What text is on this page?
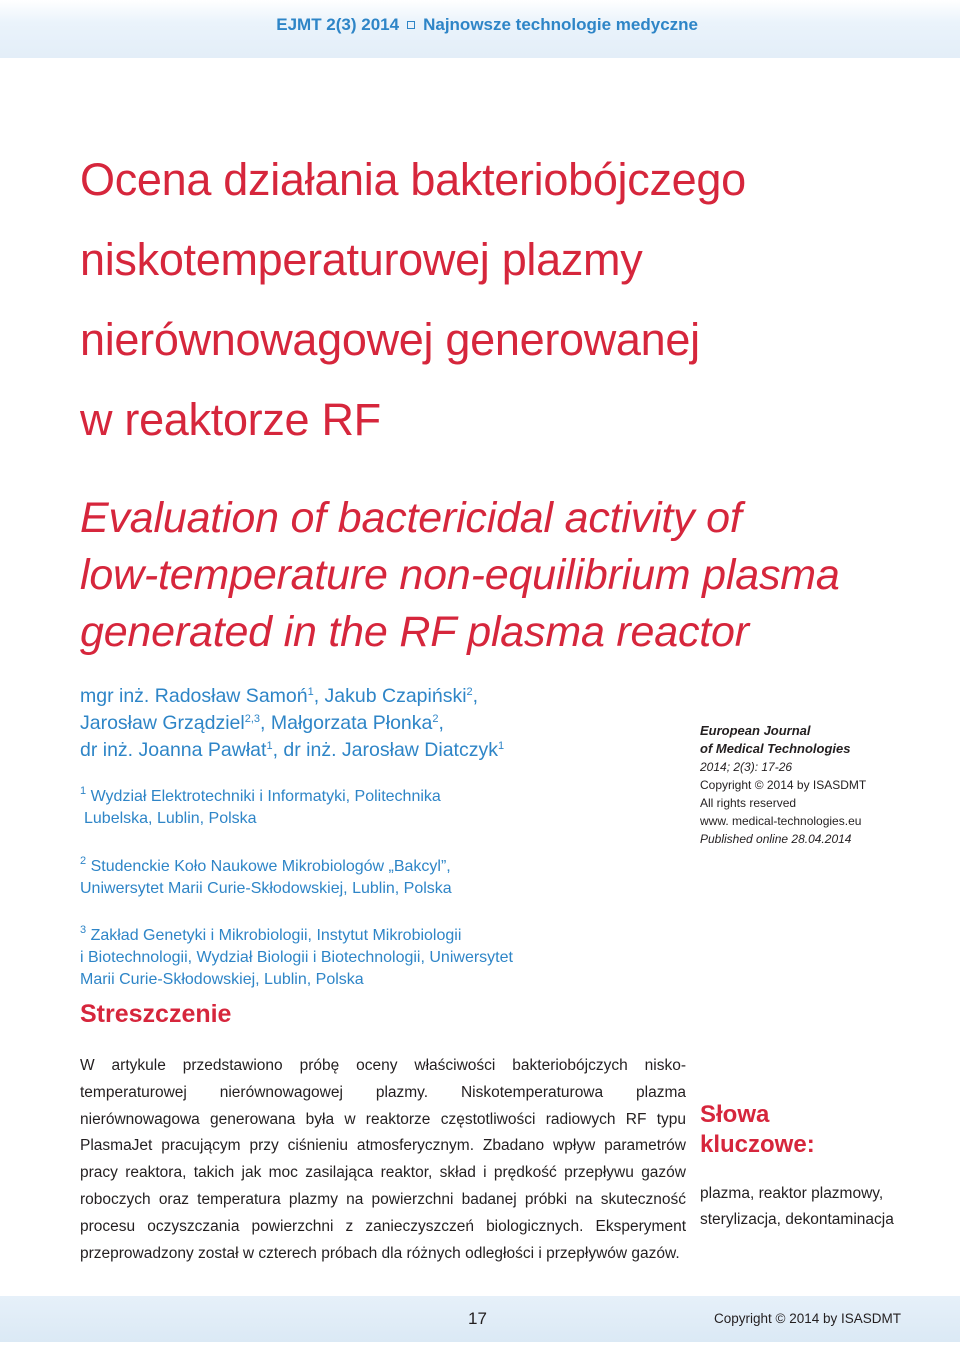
EJMT 2(3) 2014 Najnowsze technologie medyczne
Ocena działania bakteriobójczego
niskotemperaturowej plazmy
nierównowagowej generowanej
w reaktorze RF
Evaluation of bactericidal activity of
low-temperature non-equilibrium plasma
generated in the RF plasma reactor
mgr inż. Radosław Samoń$^1$, Jakub Czapiński$^2$,
Jarosław Grządziel$^{2,3}$, Małgorzata Płonka$^2$,
dr inż. Joanna Pawłat$^1$, dr inż. Jarosław Diatczyk$^1$
$^1$ Wydział Elektrotechniki i Informatyki, Politechnika
Lubelska, Lublin, Polska
$^2$ Studenckie Koło Naukowe Mikrobiologów „Bakcyl”,
Uniwersytet Marii Curie-Skłodowskiej, Lublin, Polska
$^3$ Zakład Genetyki i Mikrobiologii, Instytut Mikrobiologii
i Biotechnologii, Wydział Biologii i Biotechnologii, Uniwersytet
Marii Curie-Skłodowskiej, Lublin, Polska
European Journal
of Medical Technologies
2014; 2(3): 17-26
Copyright © 2014 by ISASDMT
All rights reserved
www. medical-technologies.eu
Published online 28.04.2014
Streszczenie
W artykule przedstawiono próbę oceny właściwości bakteriobójczych niskotemperaturowej nierównowagowej plazmy. Niskotemperaturowa plazma nierównowagowa generowana była w reaktorze częstotliwości radiowych RF typu PlasmaJet pracującym przy ciśnieniu atmosferycznym. Zbadano wpływ parametrów pracy reaktora, takich jak moc zasilająca reaktor, skład i prędkość przepływu gazów roboczych oraz temperatura plazmy na powierzchni badanej próbki na skuteczność procesu oczyszczania powierzchni z zanieczyszczeń biologicznych. Eksperyment przeprowadzony został w czterech próbach dla różnych odległości i przepływów gazów.
Słowa
kluczowe:
plazma, reaktor plazmowy, sterylizacja, dekontaminacja
17	Copyright © 2014 by ISASDMT
